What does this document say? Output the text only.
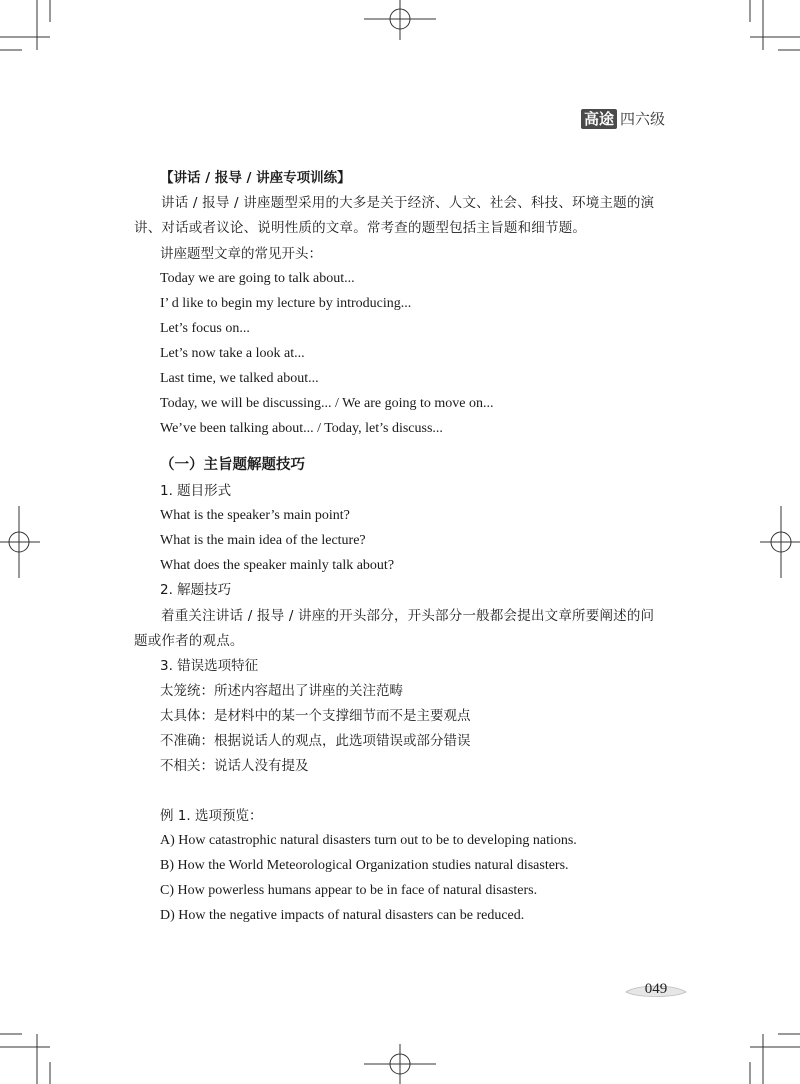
高途 四六级
【讲话 / 报导 / 讲座专项训练】
讲话 / 报导 / 讲座题型采用的大多是关于经济、人文、社会、科技、环境主题的演讲、对话或者议论、说明性质的文章。常考查的题型包括主旨题和细节题。
讲座题型文章的常见开头：
Today we are going to talk about...
I’ d like to begin my lecture by introducing...
Let’s focus on...
Let’s now take a look at...
Last time, we talked about...
Today, we will be discussing... / We are going to move on...
We’ve been talking about... / Today, let’s discuss...
（一）主旨题解题技巧
1. 题目形式
What is the speaker’s main point?
What is the main idea of the lecture?
What does the speaker mainly talk about?
2. 解题技巧
着重关注讲话 / 报导 / 讲座的开头部分，开头部分一般都会提出文章所要阐述的问题或作者的观点。
3. 错误选项特征
太笼统：所述内容超出了讲座的关注范畴
太具体：是材料中的某一个支撑细节而不是主要观点
不准确：根据说话人的观点，此选项错误或部分错误
不相关：说话人没有提及
例 1. 选项预览：
A) How catastrophic natural disasters turn out to be to developing nations.
B) How the World Meteorological Organization studies natural disasters.
C) How powerless humans appear to be in face of natural disasters.
D) How the negative impacts of natural disasters can be reduced.
049
